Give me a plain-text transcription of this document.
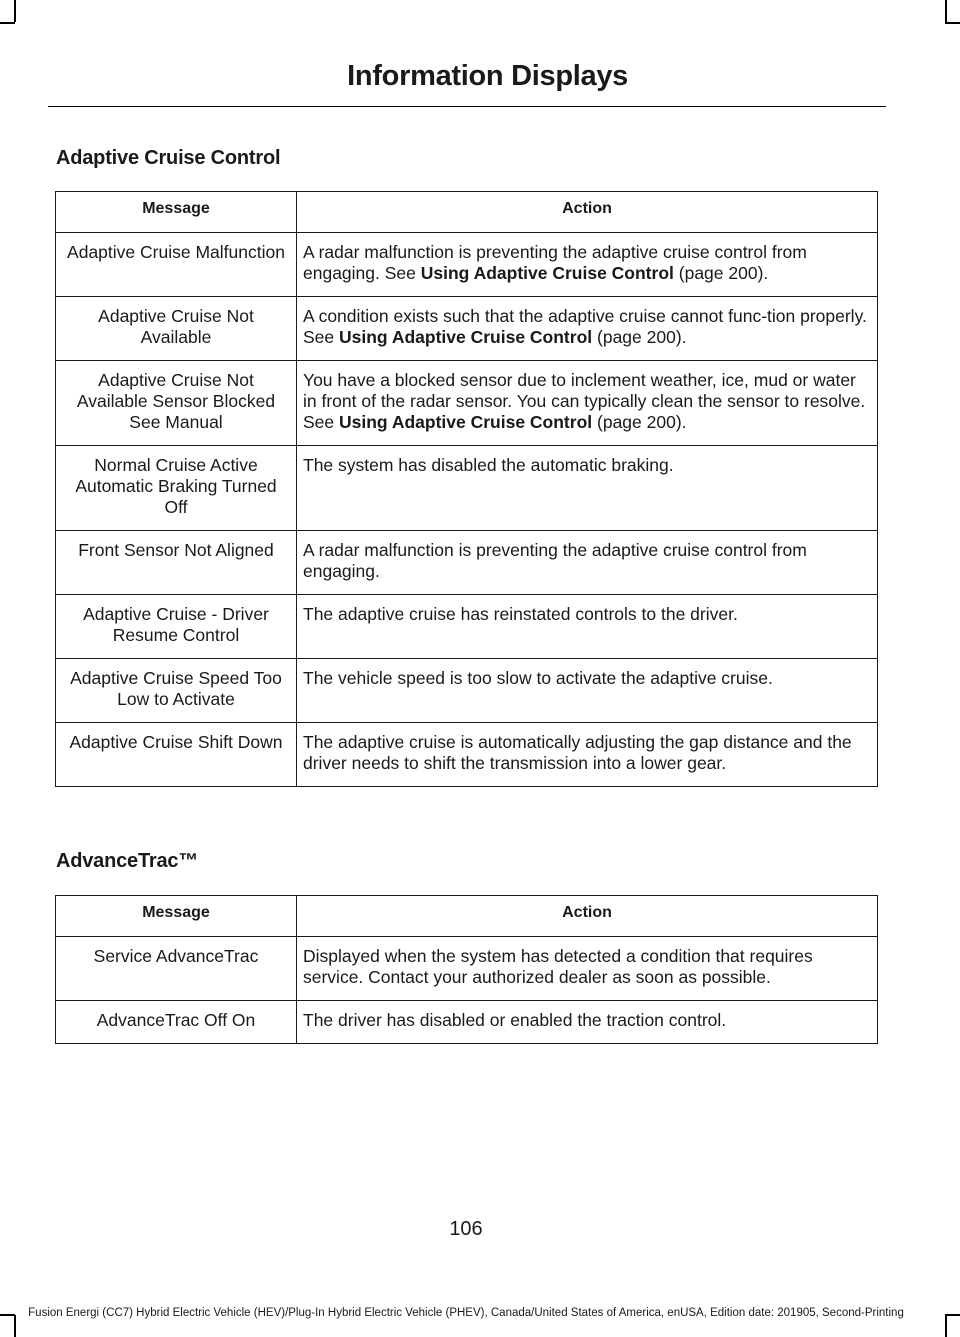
Information Displays
Adaptive Cruise Control
Message	Action
Adaptive Cruise Malfunction	A radar malfunction is preventing the adaptive cruise control from engaging. See Using Adaptive Cruise Control (page 200).
Adaptive Cruise Not Available	A condition exists such that the adaptive cruise cannot func-tion properly. See Using Adaptive Cruise Control (page 200).
Adaptive Cruise Not Available Sensor Blocked See Manual	You have a blocked sensor due to inclement weather, ice, mud or water in front of the radar sensor. You can typically clean the sensor to resolve. See Using Adaptive Cruise Control (page 200).
Normal Cruise Active Automatic Braking Turned Off	The system has disabled the automatic braking.
Front Sensor Not Aligned	A radar malfunction is preventing the adaptive cruise control from engaging.
Adaptive Cruise - Driver Resume Control	The adaptive cruise has reinstated controls to the driver.
Adaptive Cruise Speed Too Low to Activate	The vehicle speed is too slow to activate the adaptive cruise.
Adaptive Cruise Shift Down	The adaptive cruise is automatically adjusting the gap distance and the driver needs to shift the transmission into a lower gear.
AdvanceTrac™
Message	Action
Service AdvanceTrac	Displayed when the system has detected a condition that requires service. Contact your authorized dealer as soon as possible.
AdvanceTrac Off On	The driver has disabled or enabled the traction control.

106

Fusion Energi (CC7) Hybrid Electric Vehicle (HEV)/Plug-In Hybrid Electric Vehicle (PHEV), Canada/United States of America, enUSA, Edition date: 201905, Second-Printing
